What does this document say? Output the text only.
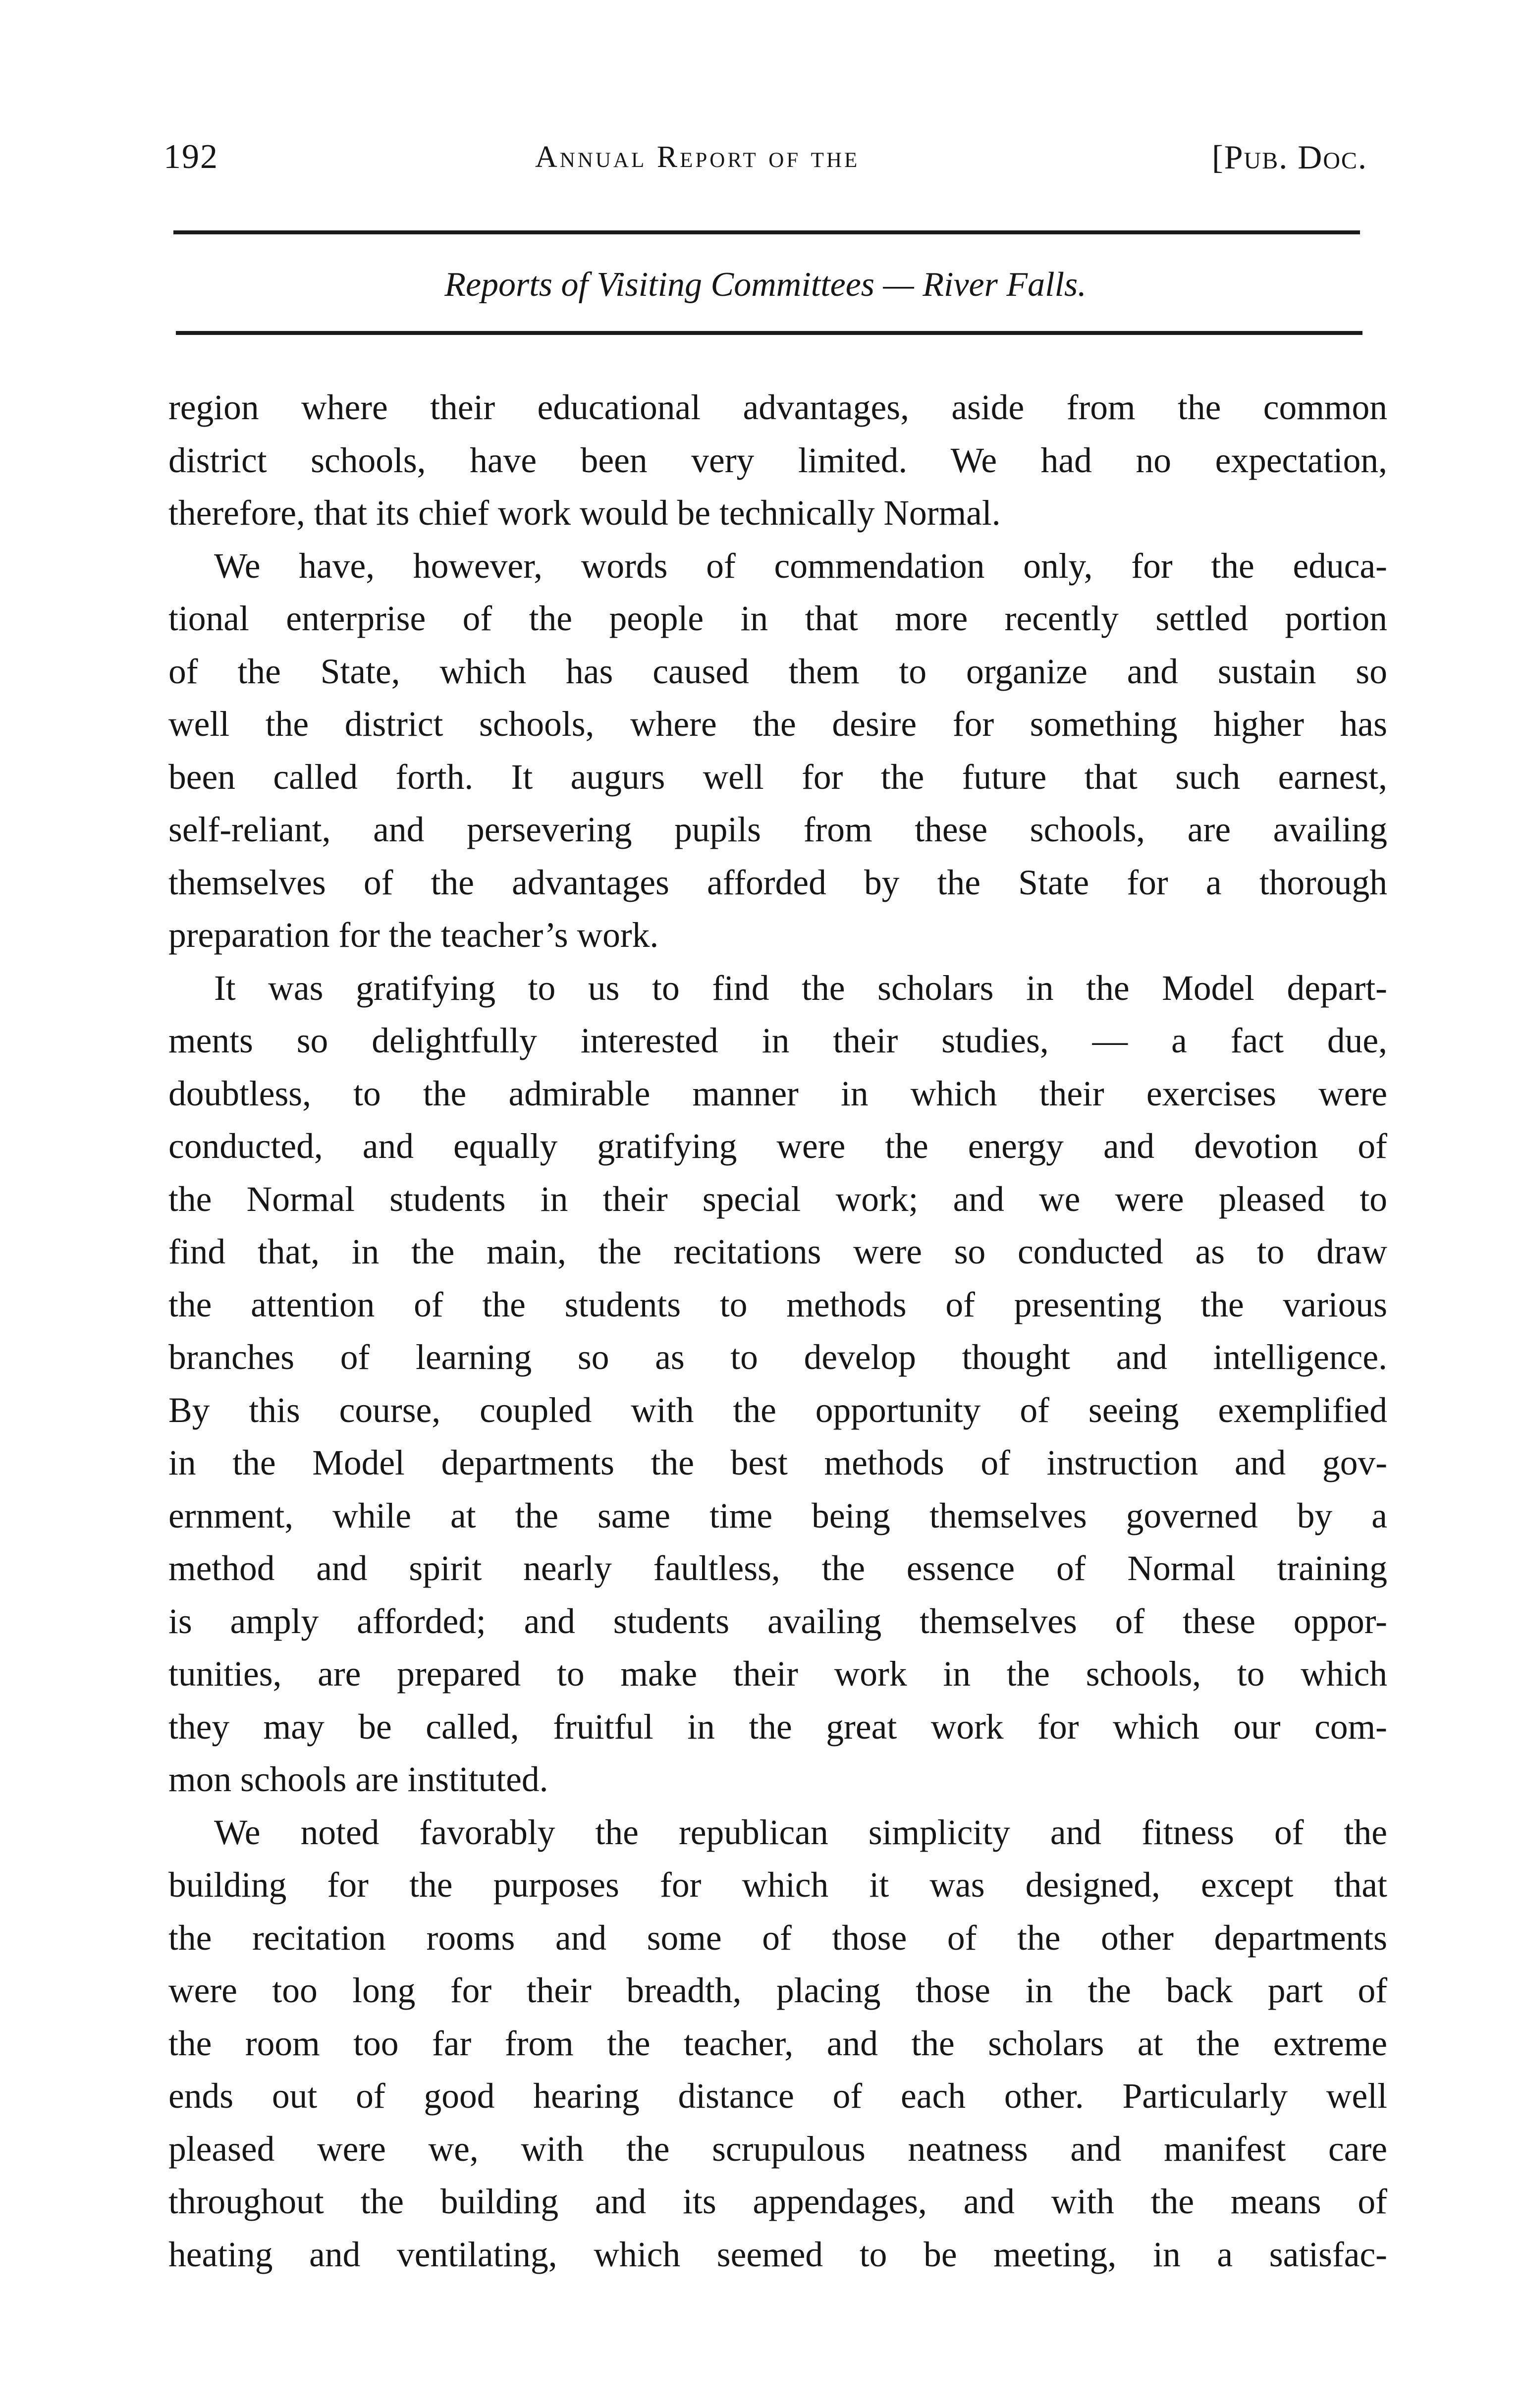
192	Annual Report of the	[Pub. Doc.
Reports of Visiting Committees — River Falls.
region where their educational advantages, aside from the common
district schools, have been very limited. We had no expectation,
therefore, that its chief work would be technically Normal.
We have, however, words of commendation only, for the educa-
tional enterprise of the people in that more recently settled portion
of the State, which has caused them to organize and sustain so
well the district schools, where the desire for something higher has
been called forth. It augurs well for the future that such earnest,
self-reliant, and persevering pupils from these schools, are availing
themselves of the advantages afforded by the State for a thorough
preparation for the teacher’s work.
It was gratifying to us to find the scholars in the Model depart-
ments so delightfully interested in their studies, — a fact due,
doubtless, to the admirable manner in which their exercises were
conducted, and equally gratifying were the energy and devotion of
the Normal students in their special work; and we were pleased to
find that, in the main, the recitations were so conducted as to draw
the attention of the students to methods of presenting the various
branches of learning so as to develop thought and intelligence.
By this course, coupled with the opportunity of seeing exemplified
in the Model departments the best methods of instruction and gov-
ernment, while at the same time being themselves governed by a
method and spirit nearly faultless, the essence of Normal training
is amply afforded; and students availing themselves of these oppor-
tunities, are prepared to make their work in the schools, to which
they may be called, fruitful in the great work for which our com-
mon schools are instituted.
We noted favorably the republican simplicity and fitness of the
building for the purposes for which it was designed, except that
the recitation rooms and some of those of the other departments
were too long for their breadth, placing those in the back part of
the room too far from the teacher, and the scholars at the extreme
ends out of good hearing distance of each other. Particularly well
pleased were we, with the scrupulous neatness and manifest care
throughout the building and its appendages, and with the means of
heating and ventilating, which seemed to be meeting, in a satisfac-
